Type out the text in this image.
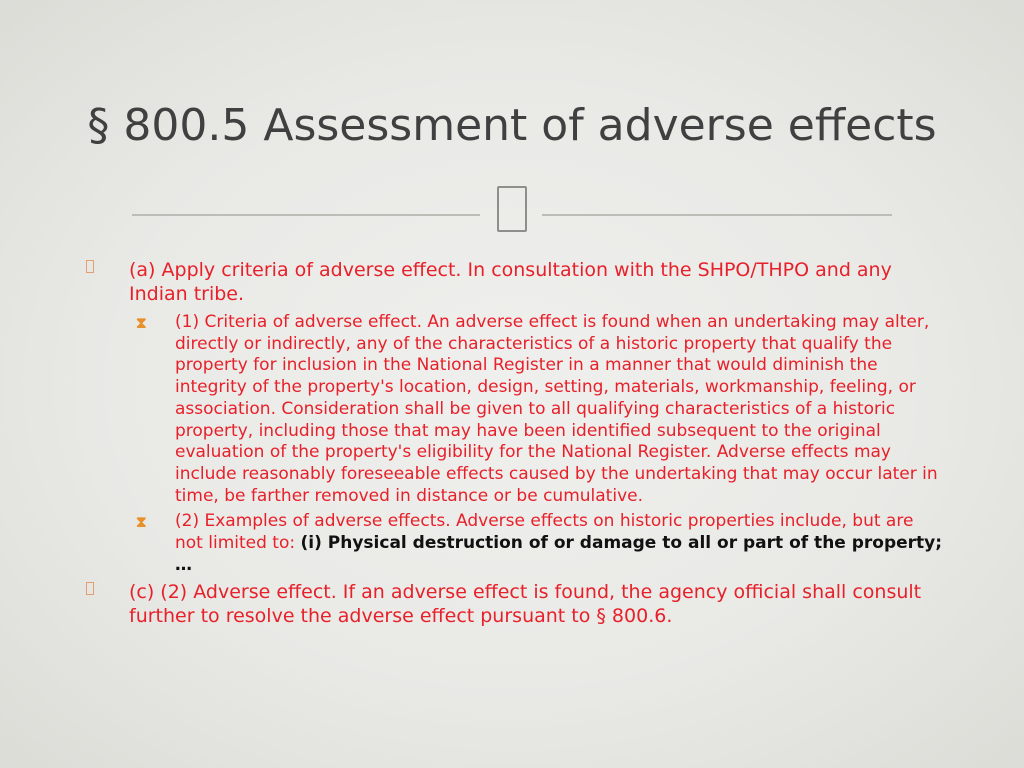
§ 800.5 Assessment of adverse effects
(a) Apply criteria of adverse effect. In consultation with the SHPO/THPO and any Indian tribe.
⧗ (1) Criteria of adverse effect. An adverse effect is found when an undertaking may alter, directly or indirectly, any of the characteristics of a historic property that qualify the property for inclusion in the National Register in a manner that would diminish the integrity of the property's location, design, setting, materials, workmanship, feeling, or association. Consideration shall be given to all qualifying characteristics of a historic property, including those that may have been identified subsequent to the original evaluation of the property's eligibility for the National Register. Adverse effects may include reasonably foreseeable effects caused by the undertaking that may occur later in time, be farther removed in distance or be cumulative.
⧗ (2) Examples of adverse effects. Adverse effects on historic properties include, but are not limited to: (i) Physical destruction of or damage to all or part of the property; …
(c) (2) Adverse effect. If an adverse effect is found, the agency official shall consult further to resolve the adverse effect pursuant to § 800.6.
